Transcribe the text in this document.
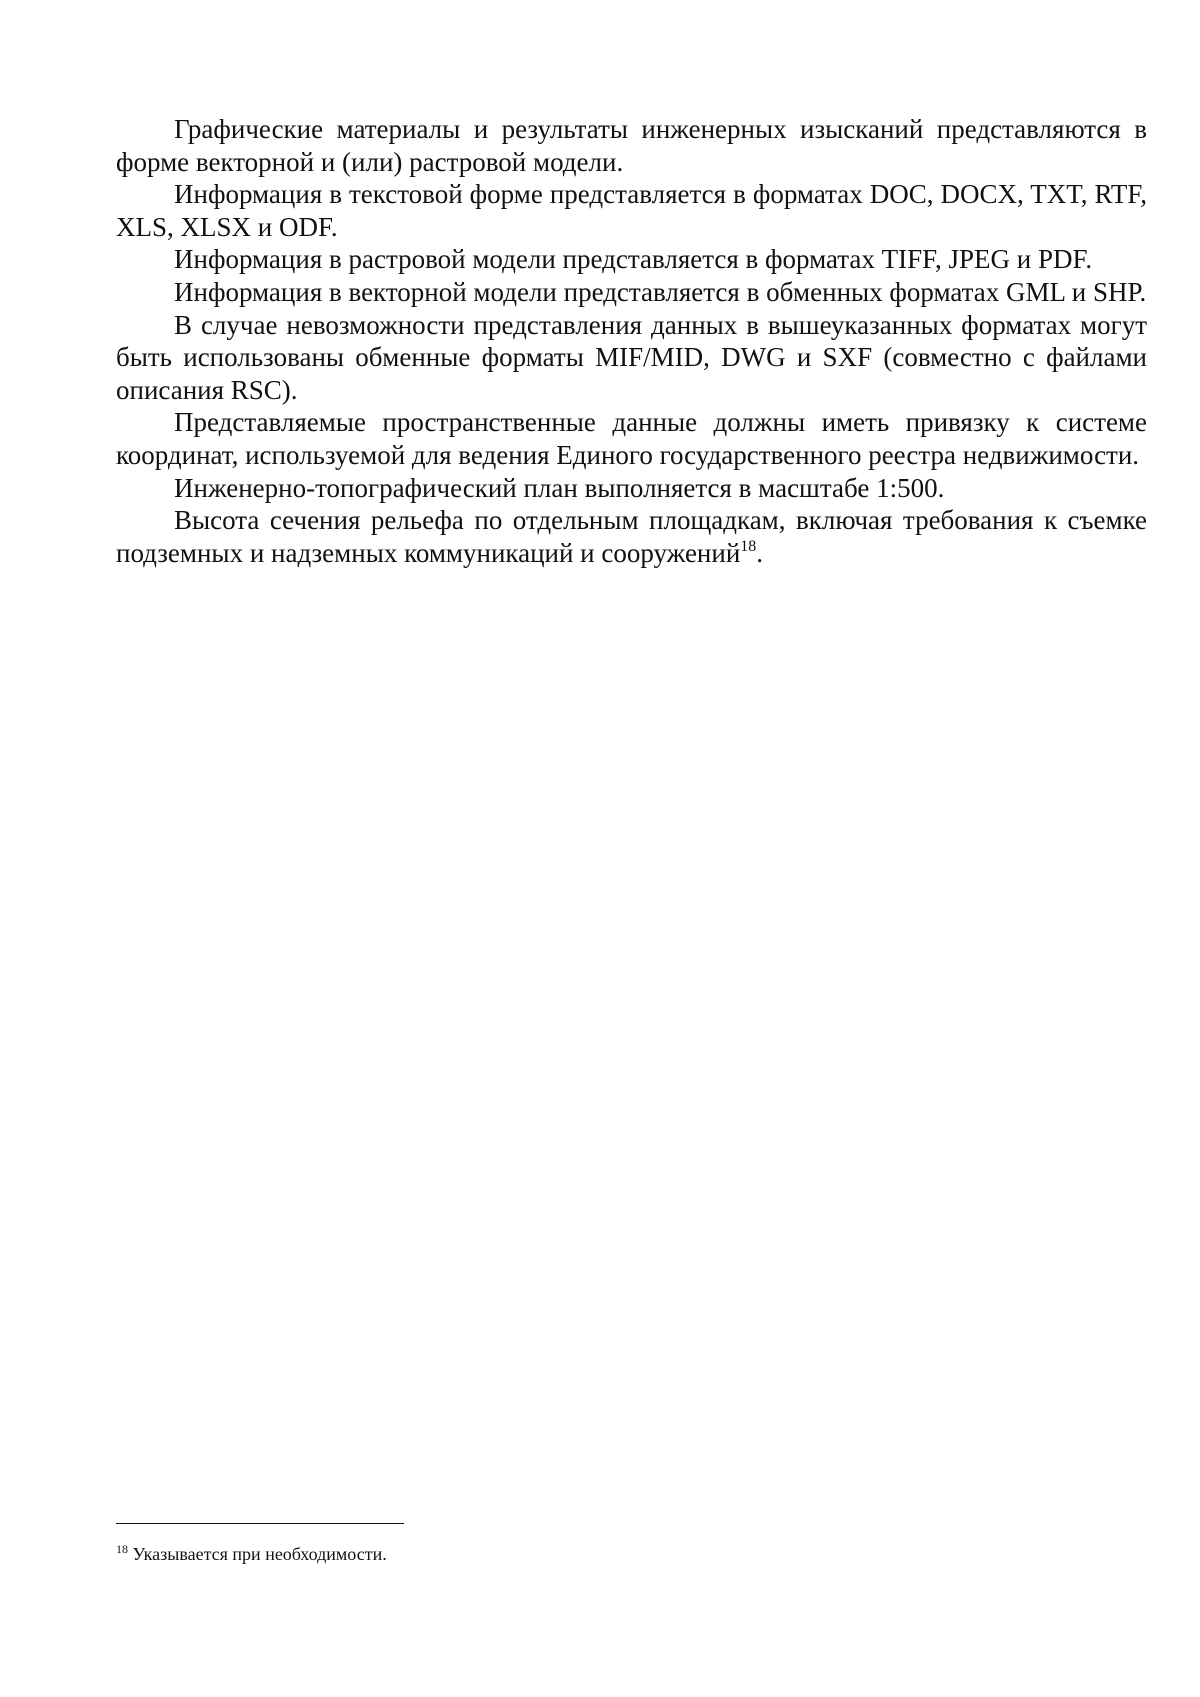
Графические материалы и результаты инженерных изысканий представляются в форме векторной и (или) растровой модели.

Информация в текстовой форме представляется в форматах DOC, DOCX, TXT, RTF, XLS, XLSX и ODF.

Информация в растровой модели представляется в форматах TIFF, JPEG и PDF.

Информация в векторной модели представляется в обменных форматах GML и SHP.

В случае невозможности представления данных в вышеуказанных форматах могут быть использованы обменные форматы MIF/MID, DWG и SXF (совместно с файлами описания RSC).

Представляемые пространственные данные должны иметь привязку к системе координат, используемой для ведения Единого государственного реестра недвижимости.

Инженерно-топографический план выполняется в масштабе 1:500.

Высота сечения рельефа по отдельным площадкам, включая требования к съемке подземных и надземных коммуникаций и сооружений$^{18}$.

$^{18}$ Указывается при необходимости.
